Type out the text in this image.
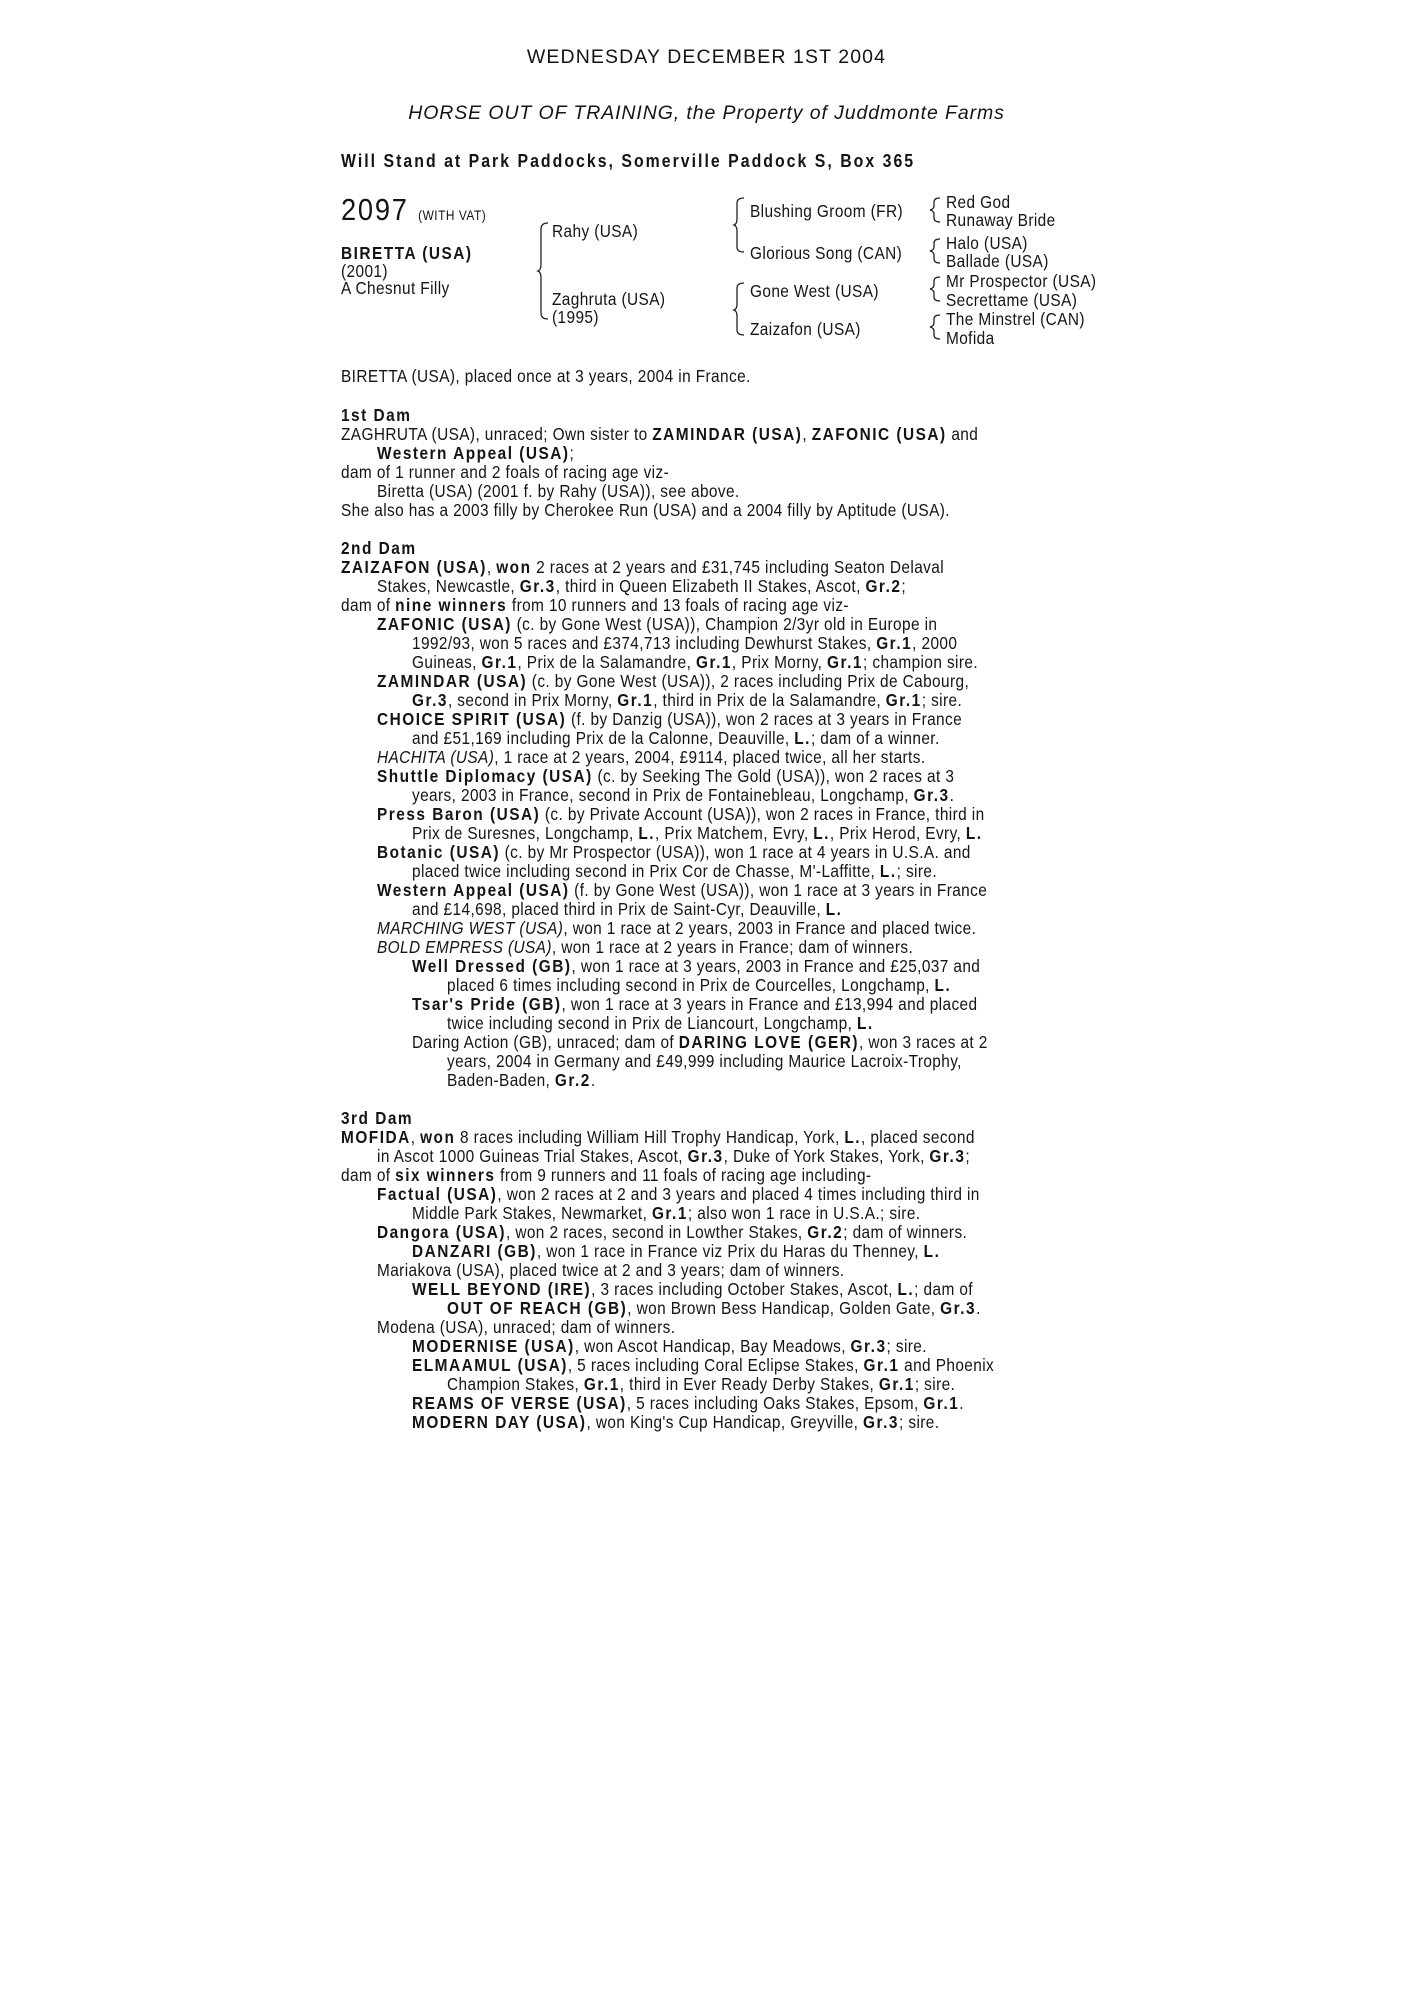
WEDNESDAY DECEMBER 1ST 2004
HORSE OUT OF TRAINING, the Property of Juddmonte Farms
Will Stand at Park Paddocks, Somerville Paddock S, Box 365
2097 (WITH VAT)
BIRETTA (USA)
(2001)
A Chesnut Filly
Rahy (USA)
Zaghruta (USA)
(1995)
Blushing Groom (FR)
Glorious Song (CAN)
Gone West (USA)
Zaizafon (USA)
Red God
Runaway Bride
Halo (USA)
Ballade (USA)
Mr Prospector (USA)
Secrettame (USA)
The Minstrel (CAN)
Mofida
BIRETTA (USA), placed once at 3 years, 2004 in France.
1st Dam
ZAGHRUTA (USA), unraced; Own sister to ZAMINDAR (USA), ZAFONIC (USA) and
Western Appeal (USA);
dam of 1 runner and 2 foals of racing age viz-
Biretta (USA) (2001 f. by Rahy (USA)), see above.
She also has a 2003 filly by Cherokee Run (USA) and a 2004 filly by Aptitude (USA).
2nd Dam
ZAIZAFON (USA), won 2 races at 2 years and £31,745 including Seaton Delaval
Stakes, Newcastle, Gr.3, third in Queen Elizabeth II Stakes, Ascot, Gr.2;
dam of nine winners from 10 runners and 13 foals of racing age viz-
ZAFONIC (USA) (c. by Gone West (USA)), Champion 2/3yr old in Europe in
1992/93, won 5 races and £374,713 including Dewhurst Stakes, Gr.1, 2000
Guineas, Gr.1, Prix de la Salamandre, Gr.1, Prix Morny, Gr.1; champion sire.
ZAMINDAR (USA) (c. by Gone West (USA)), 2 races including Prix de Cabourg,
Gr.3, second in Prix Morny, Gr.1, third in Prix de la Salamandre, Gr.1; sire.
CHOICE SPIRIT (USA) (f. by Danzig (USA)), won 2 races at 3 years in France
and £51,169 including Prix de la Calonne, Deauville, L.; dam of a winner.
HACHITA (USA), 1 race at 2 years, 2004, £9114, placed twice, all her starts.
Shuttle Diplomacy (USA) (c. by Seeking The Gold (USA)), won 2 races at 3
years, 2003 in France, second in Prix de Fontainebleau, Longchamp, Gr.3.
Press Baron (USA) (c. by Private Account (USA)), won 2 races in France, third in
Prix de Suresnes, Longchamp, L., Prix Matchem, Evry, L., Prix Herod, Evry, L.
Botanic (USA) (c. by Mr Prospector (USA)), won 1 race at 4 years in U.S.A. and
placed twice including second in Prix Cor de Chasse, M'-Laffitte, L.; sire.
Western Appeal (USA) (f. by Gone West (USA)), won 1 race at 3 years in France
and £14,698, placed third in Prix de Saint-Cyr, Deauville, L.
MARCHING WEST (USA), won 1 race at 2 years, 2003 in France and placed twice.
BOLD EMPRESS (USA), won 1 race at 2 years in France; dam of winners.
Well Dressed (GB), won 1 race at 3 years, 2003 in France and £25,037 and
placed 6 times including second in Prix de Courcelles, Longchamp, L.
Tsar's Pride (GB), won 1 race at 3 years in France and £13,994 and placed
twice including second in Prix de Liancourt, Longchamp, L.
Daring Action (GB), unraced; dam of DARING LOVE (GER), won 3 races at 2
years, 2004 in Germany and £49,999 including Maurice Lacroix-Trophy,
Baden-Baden, Gr.2.
3rd Dam
MOFIDA, won 8 races including William Hill Trophy Handicap, York, L., placed second
in Ascot 1000 Guineas Trial Stakes, Ascot, Gr.3, Duke of York Stakes, York, Gr.3;
dam of six winners from 9 runners and 11 foals of racing age including-
Factual (USA), won 2 races at 2 and 3 years and placed 4 times including third in
Middle Park Stakes, Newmarket, Gr.1; also won 1 race in U.S.A.; sire.
Dangora (USA), won 2 races, second in Lowther Stakes, Gr.2; dam of winners.
DANZARI (GB), won 1 race in France viz Prix du Haras du Thenney, L.
Mariakova (USA), placed twice at 2 and 3 years; dam of winners.
WELL BEYOND (IRE), 3 races including October Stakes, Ascot, L.; dam of
OUT OF REACH (GB), won Brown Bess Handicap, Golden Gate, Gr.3.
Modena (USA), unraced; dam of winners.
MODERNISE (USA), won Ascot Handicap, Bay Meadows, Gr.3; sire.
ELMAAMUL (USA), 5 races including Coral Eclipse Stakes, Gr.1 and Phoenix
Champion Stakes, Gr.1, third in Ever Ready Derby Stakes, Gr.1; sire.
REAMS OF VERSE (USA), 5 races including Oaks Stakes, Epsom, Gr.1.
MODERN DAY (USA), won King's Cup Handicap, Greyville, Gr.3; sire.
